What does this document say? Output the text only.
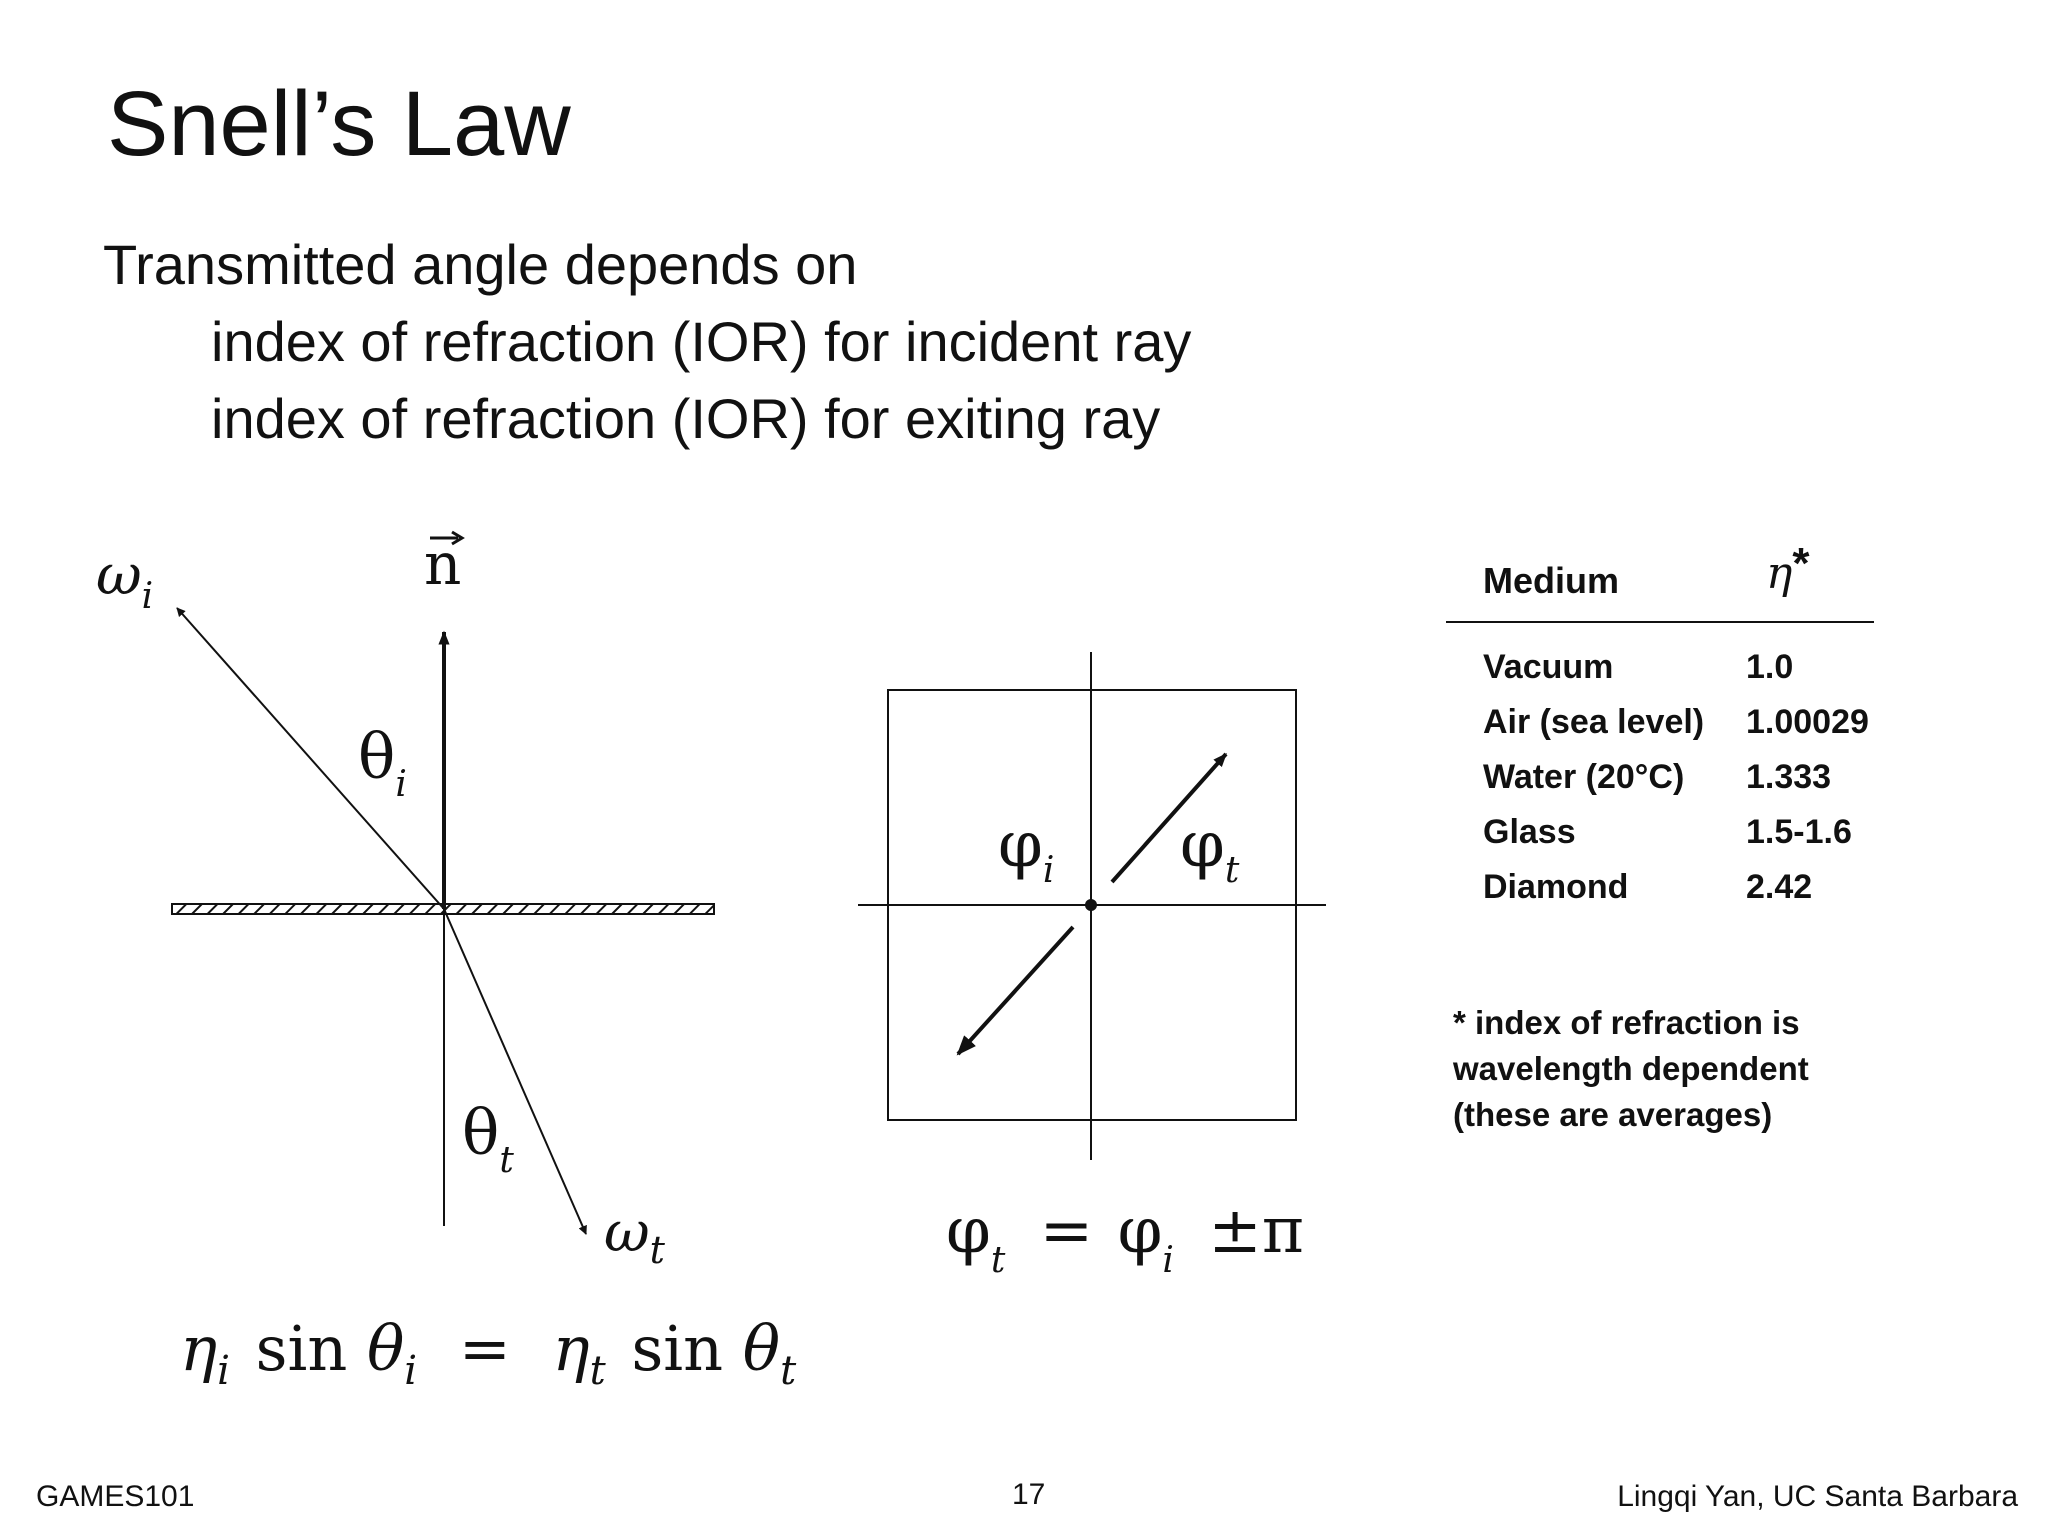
Snell’s Law
Transmitted angle depends on
index of refraction (IOR) for incident ray
index of refraction (IOR) for exiting ray
$\omega_i$	n
$\theta_i$
$\theta_t$
$\omega_t$
$\eta_i$ $\sin \theta_i = \eta_t$ $\sin \theta_t$
$\varphi_i$ $\varphi_t$
$\varphi_t = \varphi_i \pm\pi$
Medium	η*
Vacuum	1.0
Air (sea level) 1.00029
Water (20°C) 1.333
Glass	1.5-1.6
Diamond	2.42
* index of refraction is
wavelength dependent
(these are averages)
GAMES101	17	Lingqi Yan, UC Santa Barbara
